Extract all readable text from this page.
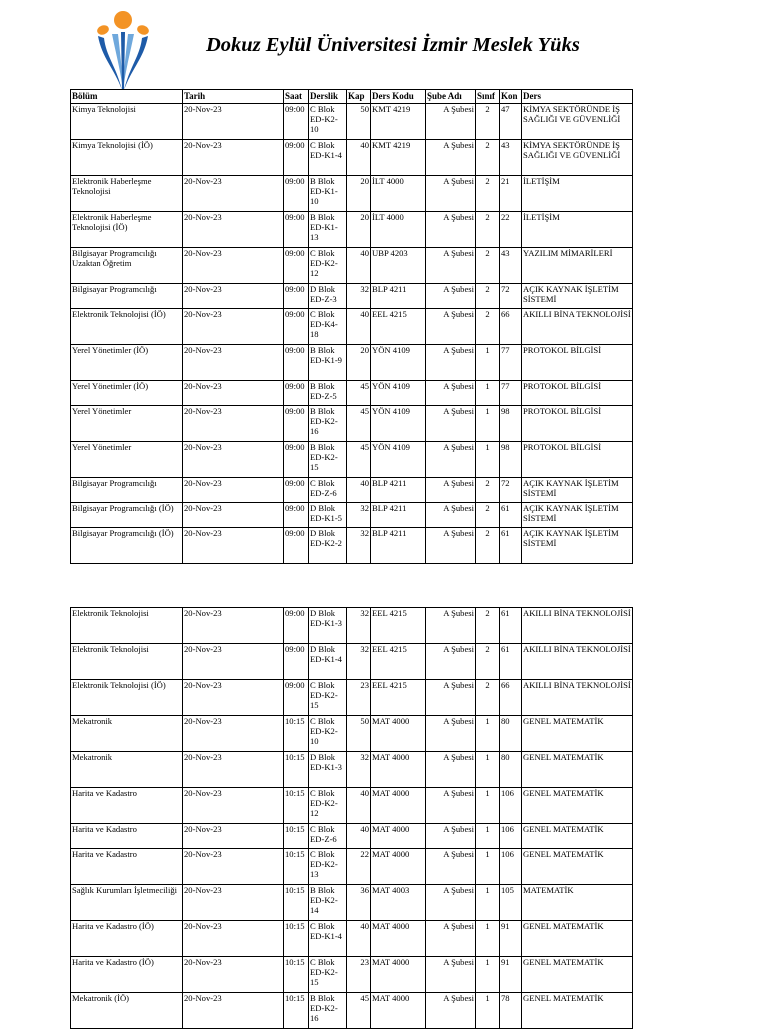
Dokuz Eylül Üniversitesi İzmir Meslek Yüks
Bölüm	Tarih	Saat	Derslik	Kap	Ders Kodu	Şube Adı	Sınıf	Kon	Ders
Kimya Teknolojisi	20-Nov-23	09:00	C Blok ED-K2-10	50	KMT 4219	A Şubesi	2	47	KİMYA SEKTÖRÜNDE İŞ SAĞLIĞI VE GÜVENLİĞİ
Kimya Teknolojisi (İÖ)	20-Nov-23	09:00	C Blok ED-K1-4	40	KMT 4219	A Şubesi	2	43	KİMYA SEKTÖRÜNDE İŞ SAĞLIĞI VE GÜVENLİĞİ
Elektronik Haberleşme Teknolojisi	20-Nov-23	09:00	B Blok ED-K1-10	20	İLT 4000	A Şubesi	2	21	İLETİŞİM
Elektronik Haberleşme Teknolojisi (İÖ)	20-Nov-23	09:00	B Blok ED-K1-13	20	İLT 4000	A Şubesi	2	22	İLETİŞİM
Bilgisayar Programcılığı Uzaktan Öğretim	20-Nov-23	09:00	C Blok ED-K2-12	40	UBP 4203	A Şubesi	2	43	YAZILIM MİMARİLERİ
Bilgisayar Programcılığı	20-Nov-23	09:00	D Blok ED-Z-3	32	BLP 4211	A Şubesi	2	72	AÇIK KAYNAK İŞLETİM SİSTEMİ
Elektronik Teknolojisi (İÖ)	20-Nov-23	09:00	C Blok ED-K4-18	40	EEL 4215	A Şubesi	2	66	AKILLI BİNA TEKNOLOJİSİ
Yerel Yönetimler (İÖ)	20-Nov-23	09:00	B Blok ED-K1-9	20	YÖN 4109	A Şubesi	1	77	PROTOKOL BİLGİSİ
Yerel Yönetimler (İÖ)	20-Nov-23	09:00	B Blok ED-Z-5	45	YÖN 4109	A Şubesi	1	77	PROTOKOL BİLGİSİ
Yerel Yönetimler	20-Nov-23	09:00	B Blok ED-K2-16	45	YÖN 4109	A Şubesi	1	98	PROTOKOL BİLGİSİ
Yerel Yönetimler	20-Nov-23	09:00	B Blok ED-K2-15	45	YÖN 4109	A Şubesi	1	98	PROTOKOL BİLGİSİ
Bilgisayar Programcılığı	20-Nov-23	09:00	C Blok ED-Z-6	40	BLP 4211	A Şubesi	2	72	AÇIK KAYNAK İŞLETİM SİSTEMİ
Bilgisayar Programcılığı (İÖ)	20-Nov-23	09:00	D Blok ED-K1-5	32	BLP 4211	A Şubesi	2	61	AÇIK KAYNAK İŞLETİM SİSTEMİ
Bilgisayar Programcılığı (İÖ)	20-Nov-23	09:00	D Blok ED-K2-2	32	BLP 4211	A Şubesi	2	61	AÇIK KAYNAK İŞLETİM SİSTEMİ
Elektronik Teknolojisi	20-Nov-23	09:00	D Blok ED-K1-3	32	EEL 4215	A Şubesi	2	61	AKILLI BİNA TEKNOLOJİSİ
Elektronik Teknolojisi	20-Nov-23	09:00	D Blok ED-K1-4	32	EEL 4215	A Şubesi	2	61	AKILLI BİNA TEKNOLOJİSİ
Elektronik Teknolojisi (İÖ)	20-Nov-23	09:00	C Blok ED-K2-15	23	EEL 4215	A Şubesi	2	66	AKILLI BİNA TEKNOLOJİSİ
Mekatronik	20-Nov-23	10:15	C Blok ED-K2-10	50	MAT 4000	A Şubesi	1	80	GENEL MATEMATİK
Mekatronik	20-Nov-23	10:15	D Blok ED-K1-3	32	MAT 4000	A Şubesi	1	80	GENEL MATEMATİK
Harita ve Kadastro	20-Nov-23	10:15	C Blok ED-K2-12	40	MAT 4000	A Şubesi	1	106	GENEL MATEMATİK
Harita ve Kadastro	20-Nov-23	10:15	C Blok ED-Z-6	40	MAT 4000	A Şubesi	1	106	GENEL MATEMATİK
Harita ve Kadastro	20-Nov-23	10:15	C Blok ED-K2-13	22	MAT 4000	A Şubesi	1	106	GENEL MATEMATİK
Sağlık Kurumları İşletmeciliği	20-Nov-23	10:15	B Blok ED-K2-14	36	MAT 4003	A Şubesi	1	105	MATEMATİK
Harita ve Kadastro (İÖ)	20-Nov-23	10:15	C Blok ED-K1-4	40	MAT 4000	A Şubesi	1	91	GENEL MATEMATİK
Harita ve Kadastro (İÖ)	20-Nov-23	10:15	C Blok ED-K2-15	23	MAT 4000	A Şubesi	1	91	GENEL MATEMATİK
Mekatronik (İÖ)	20-Nov-23	10:15	B Blok ED-K2-16	45	MAT 4000	A Şubesi	1	78	GENEL MATEMATİK
